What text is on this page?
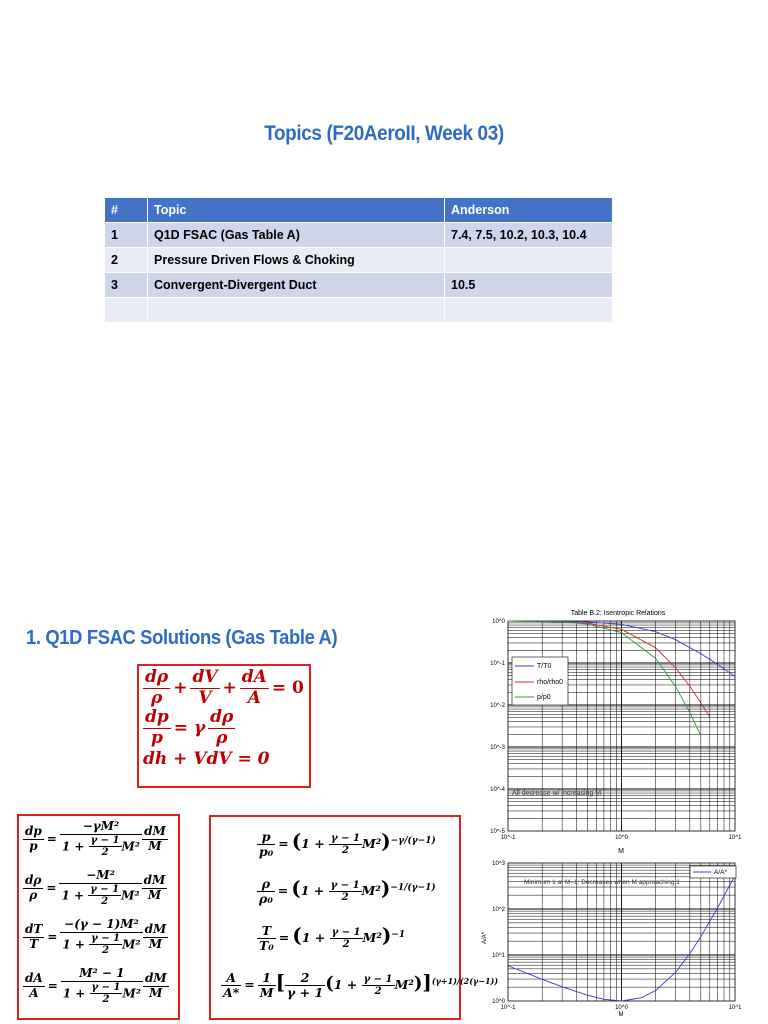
Topics (F20AeroII, Week 03)
#	Topic	Anderson
1	Q1D FSAC (Gas Table A)	7.4, 7.5, 10.2, 10.3, 10.4
2	Pressure Driven Flows & Choking	
3	Convergent-Divergent Duct	10.5

1. Q1D FSAC Solutions (Gas Table A)
$\frac{d\rho}{\rho} + \frac{dV}{V} + \frac{dA}{A} = 0$
$\frac{dp}{p} = \gamma \frac{d\rho}{\rho}$
dh + VdV = 0
$\frac{dp}{p} = \frac{\text{−γM²}}{1 + \frac{\gamma - 1}{2} M^2} \frac{dM}{M}$
$\frac{d\rho}{\rho} = \frac{\text{−M²}}{1 + \frac{\gamma - 1}{2} M^2} \frac{dM}{M}$
$\frac{dT}{T} = \frac{\text{−(γ − 1)M²}}{1 + \frac{\gamma - 1}{2} M^2} \frac{dM}{M}$
$\frac{dA}{A} = \frac{\text{M² − 1}}{1 + \frac{\gamma - 1}{2} M^2} \frac{dM}{M}$
$\frac{p}{\text{p₀}} = (1 + \frac{\gamma - 1}{2} M^2)^{-\gamma/(\gamma-1)}$
$\frac{\rho}{\text{ρ₀}} = (1 + \frac{\gamma - 1}{2} M^2)^{-1/(\gamma-1)}$
$\frac{T}{\text{T₀}} = (1 + \frac{\gamma - 1}{2} M^2)^{-1}$
$\frac{A}{A*} = \frac{1}{M}$ [ $\frac{2}{\gamma + 1} (1 + \frac{\gamma - 1}{2} M^2)]^{(\gamma+1)/(2(\gamma-1))}$
10^-1	10^0	10^1
10^0
10^-1
10^-2
10^-3
10^-4
10^-5
Table B.2: Isentropic Relations
M
All decrease w/ increasing M
T/T0
rho/rho0
p/p0
10^-1	10^0	10^1
10^3
10^2
10^1
10^0
A/A*
M
Minimum 1 at M=1; Decreases when M approaching 1
A/A*
